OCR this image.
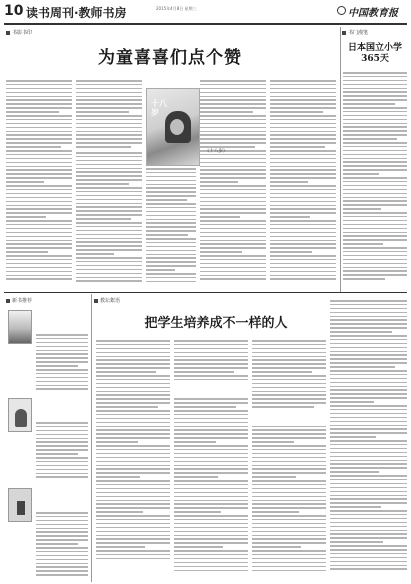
10 读书周刊·教师书房	2015年4月8日 星期三	中国教育报
书影书印	书门漫笔
为童喜喜们点个赞	日本国立小学
365天
十八
岁
《十八岁》
新书推荐	教坛絮语
把学生培养成不一样的人
